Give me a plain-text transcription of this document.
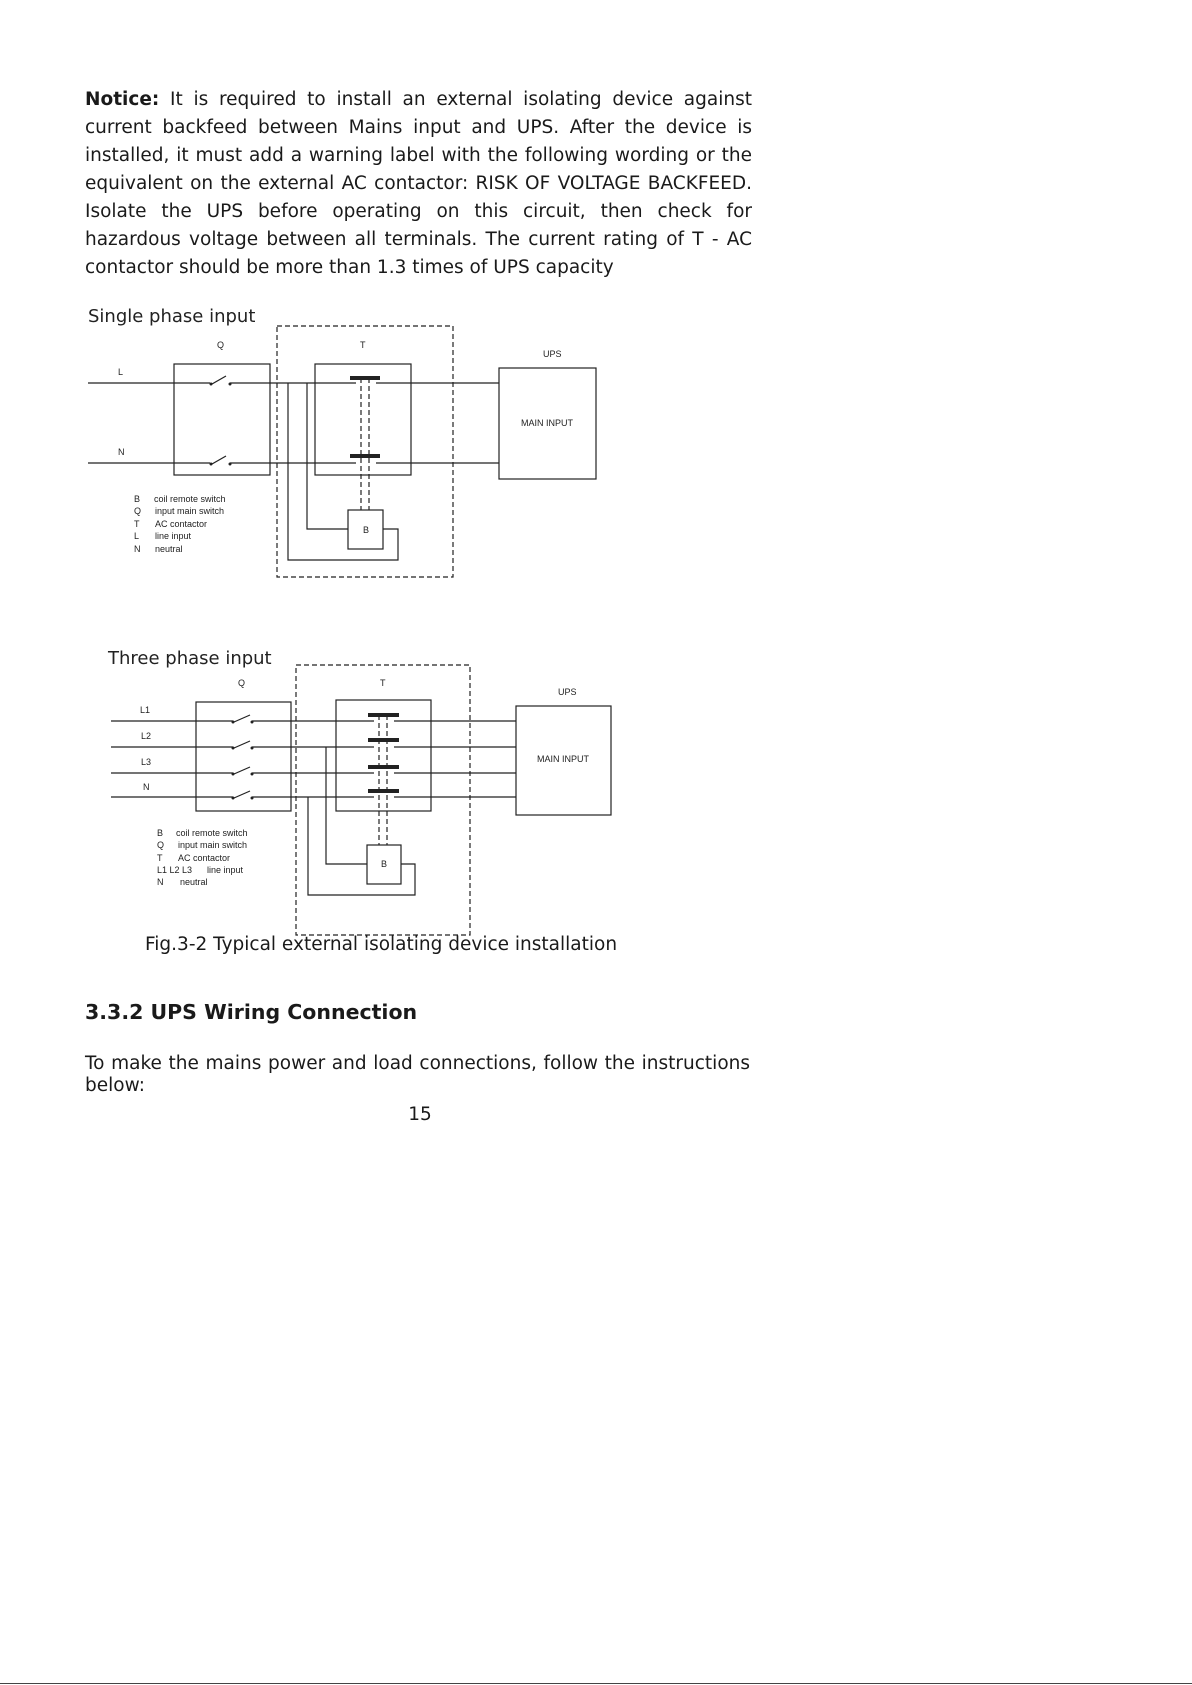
Notice: It is required to install an external isolating device against current backfeed between Mains input and UPS. After the device is installed, it must add a warning label with the following wording or the equivalent on the external AC contactor: RISK OF VOLTAGE BACKFEED. Isolate the UPS before operating on this circuit, then check for hazardous voltage between all terminals. The current rating of T - AC contactor should be more than 1.3 times of UPS capacity

Single phase input
Q	T
UPS
MAIN INPUT
B
L
N
B coil remote switch
Q input main switch
T AC contactor
L line input
N neutral
Three phase input
Q	T
UPS
MAIN INPUT
B
L1
L2
L3
N
B coil remote switch
Q input main switch
T AC contactor
L1 L2 L3 line input
N neutral

Fig.3-2 Typical external isolating device installation

3.3.2 UPS Wiring Connection

To make the mains power and load connections, follow the instructions below:

15
